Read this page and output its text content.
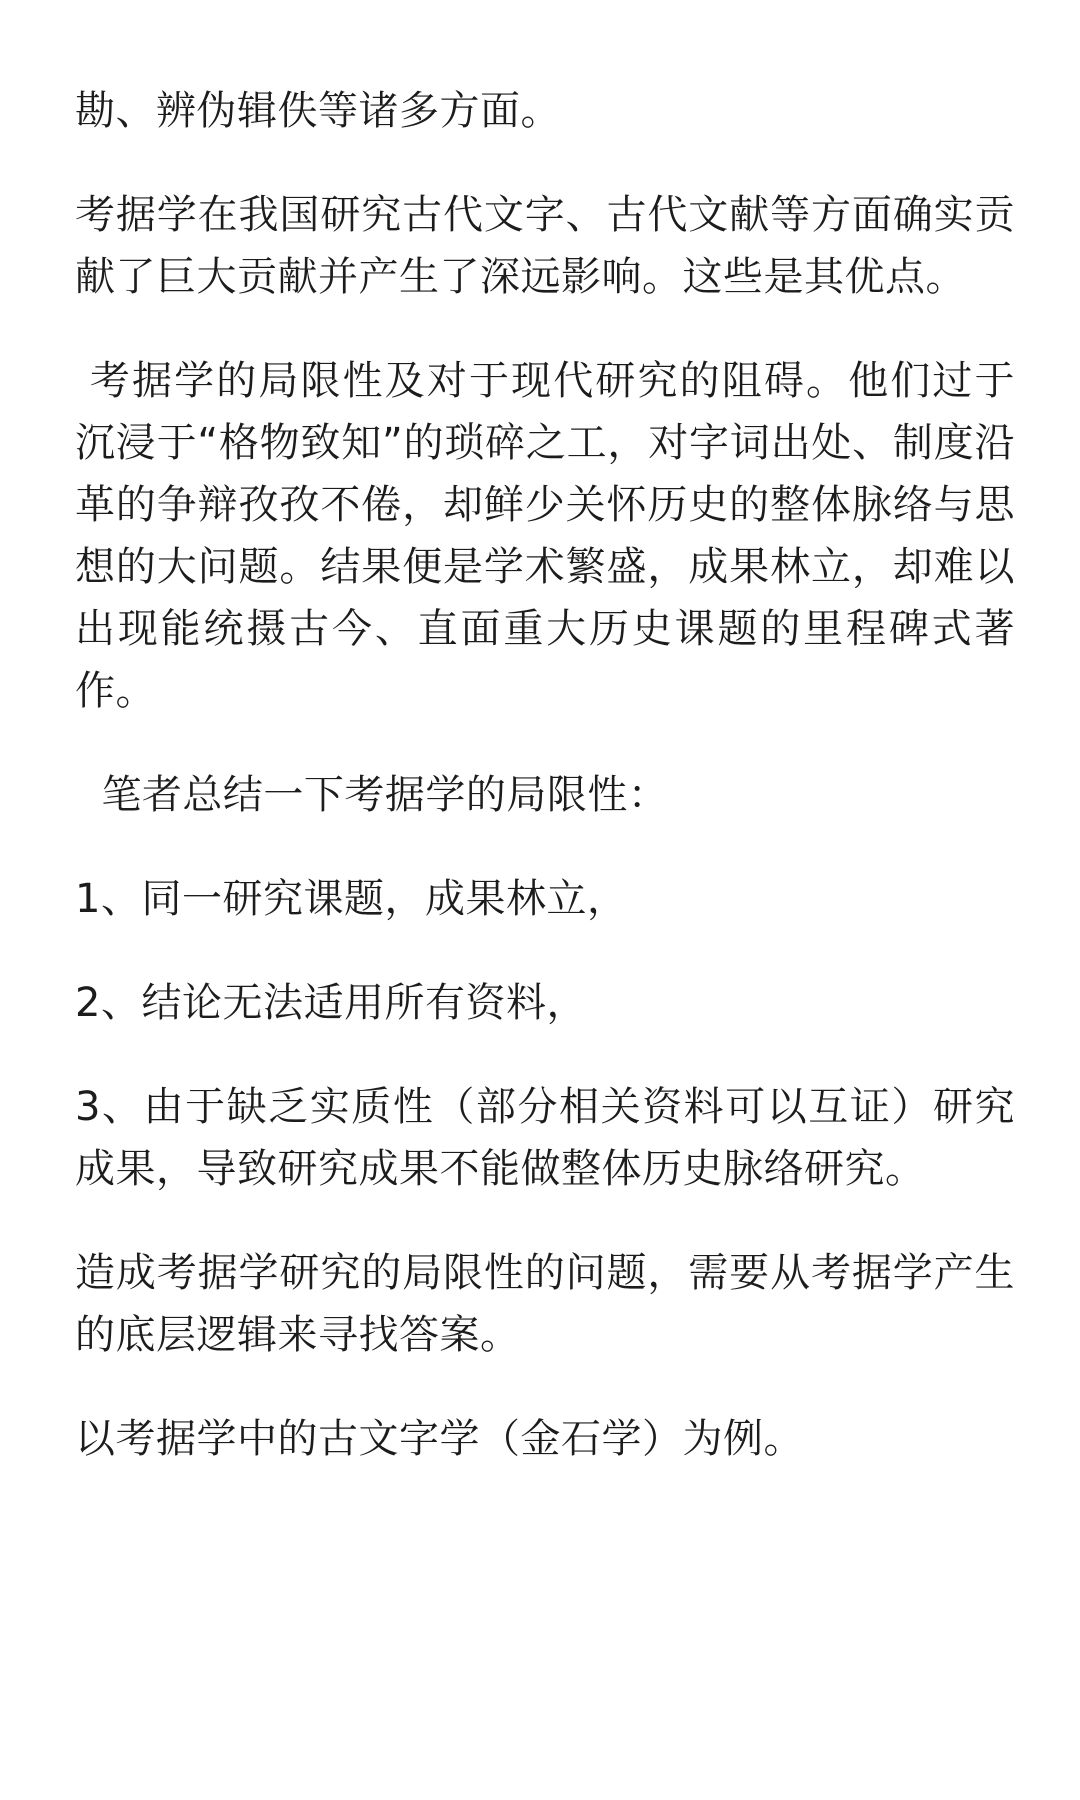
勘、辨伪辑佚等诸多方面。

考据学在我国研究古代文字、古代文献等方面确实贡献了巨大贡献并产生了深远影响。这些是其优点。

考据学的局限性及对于现代研究的阻碍。他们过于沉浸于“格物致知”的琐碎之工，对字词出处、制度沿革的争辩孜孜不倦，却鲜少关怀历史的整体脉络与思想的大问题。结果便是学术繁盛，成果林立，却难以出现能统摄古今、直面重大历史课题的里程碑式著作。

笔者总结一下考据学的局限性：

1、同一研究课题，成果林立，

2、结论无法适用所有资料，

3、由于缺乏实质性（部分相关资料可以互证）研究成果，导致研究成果不能做整体历史脉络研究。

造成考据学研究的局限性的问题，需要从考据学产生的底层逻辑来寻找答案。

以考据学中的古文字学（金石学）为例。
